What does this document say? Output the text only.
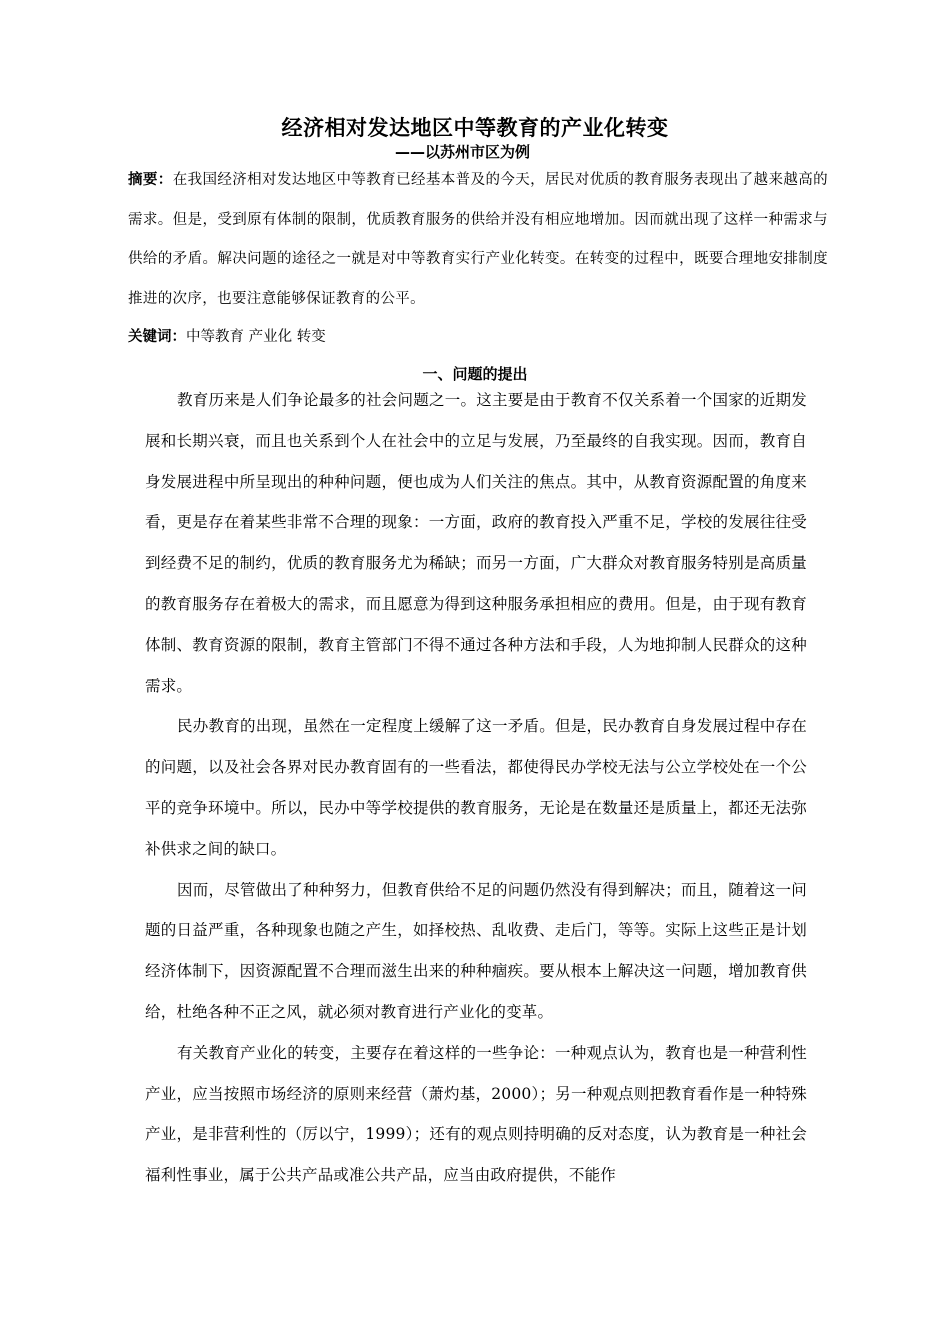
经济相对发达地区中等教育的产业化转变
——以苏州市区为例

摘要：在我国经济相对发达地区中等教育已经基本普及的今天，居民对优质的教育服务表现出了越来越高的需求。但是，受到原有体制的限制，优质教育服务的供给并没有相应地增加。因而就出现了这样一种需求与供给的矛盾。解决问题的途径之一就是对中等教育实行产业化转变。在转变的过程中，既要合理地安排制度推进的次序，也要注意能够保证教育的公平。

关键词：中等教育 产业化 转变

一、问题的提出

教育历来是人们争论最多的社会问题之一。这主要是由于教育不仅关系着一个国家的近期发展和长期兴衰，而且也关系到个人在社会中的立足与发展，乃至最终的自我实现。因而，教育自身发展进程中所呈现出的种种问题，便也成为人们关注的焦点。其中，从教育资源配置的角度来看，更是存在着某些非常不合理的现象：一方面，政府的教育投入严重不足，学校的发展往往受到经费不足的制约，优质的教育服务尤为稀缺；而另一方面，广大群众对教育服务特别是高质量的教育服务存在着极大的需求，而且愿意为得到这种服务承担相应的费用。但是，由于现有教育体制、教育资源的限制，教育主管部门不得不通过各种方法和手段，人为地抑制人民群众的这种需求。

民办教育的出现，虽然在一定程度上缓解了这一矛盾。但是，民办教育自身发展过程中存在的问题，以及社会各界对民办教育固有的一些看法，都使得民办学校无法与公立学校处在一个公平的竞争环境中。所以，民办中等学校提供的教育服务，无论是在数量还是质量上，都还无法弥补供求之间的缺口。

因而，尽管做出了种种努力，但教育供给不足的问题仍然没有得到解决；而且，随着这一问题的日益严重，各种现象也随之产生，如择校热、乱收费、走后门，等等。实际上这些正是计划经济体制下，因资源配置不合理而滋生出来的种种痼疾。要从根本上解决这一问题，增加教育供给，杜绝各种不正之风，就必须对教育进行产业化的变革。

有关教育产业化的转变，主要存在着这样的一些争论：一种观点认为，教育也是一种营利性产业，应当按照市场经济的原则来经营（萧灼基，2000）；另一种观点则把教育看作是一种特殊产业，是非营利性的（厉以宁，1999）；还有的观点则持明确的反对态度，认为教育是一种社会福利性事业，属于公共产品或准公共产品，应当由政府提供，不能作
